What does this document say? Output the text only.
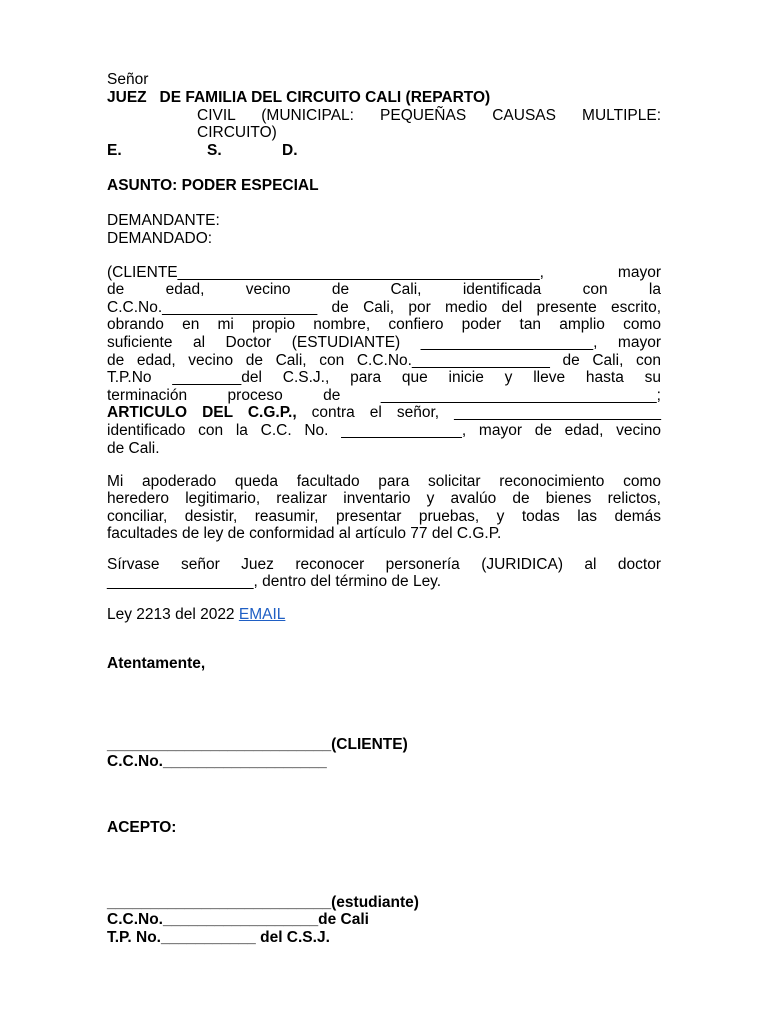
Señor
JUEZ   DE FAMILIA DEL CIRCUITO CALI (REPARTO)
CIVIL (MUNICIPAL: PEQUEÑAS CAUSAS MULTIPLE:
CIRCUITO)
E.	S.	D.
ASUNTO: PODER ESPECIAL
DEMANDANTE:
DEMANDADO:
(CLIENTE__________________________________________, mayor
de edad, vecino de Cali, identificada con la
C.C.No.__________________ de Cali, por medio del presente escrito,
obrando en mi propio nombre, confiero poder tan amplio como
suficiente al Doctor (ESTUDIANTE) ____________________, mayor
de edad, vecino de Cali, con C.C.No.________________ de Cali, con
T.P.No ________del C.S.J., para que inicie y lleve hasta su
terminación proceso de ________________________________;
ARTICULO DEL C.G.P., contra el señor, ________________________
identificado con la C.C. No. ______________, mayor de edad, vecino
de Cali.
Mi apoderado queda facultado para solicitar reconocimiento como
heredero legitimario, realizar inventario y avalúo de bienes relictos,
conciliar, desistir, reasumir, presentar pruebas, y todas las demás
facultades de ley de conformidad al artículo 77 del C.G.P.
Sírvase señor Juez reconocer personería (JURIDICA) al doctor
_________________, dentro del término de Ley.
Ley 2213 del 2022 EMAIL
Atentamente,
__________________________(CLIENTE)
C.C.No.___________________
ACEPTO:
__________________________(estudiante)
C.C.No.__________________de Cali
T.P. No.___________ del C.S.J.
